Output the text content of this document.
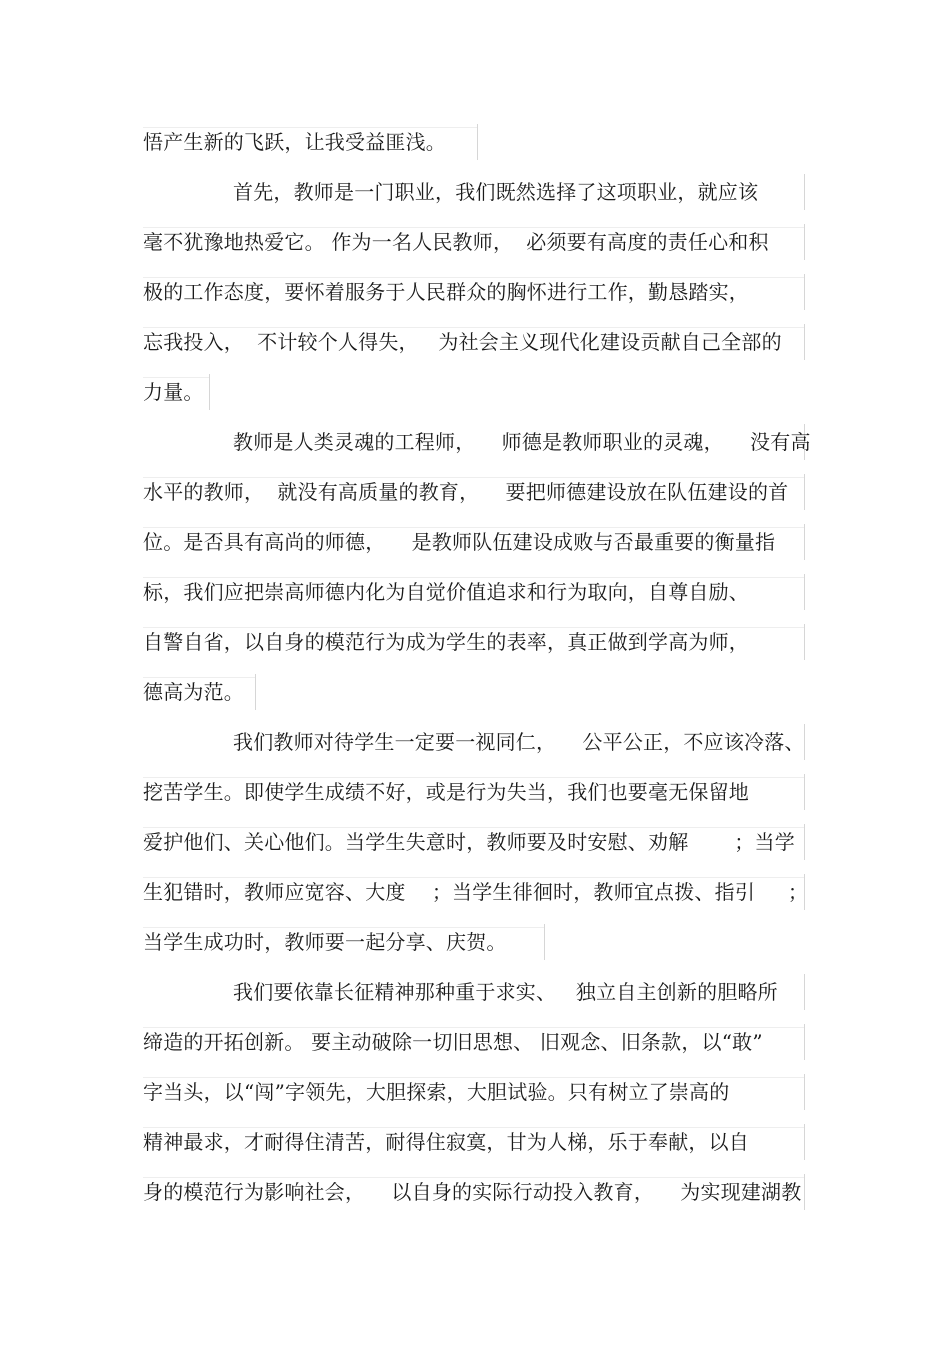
悟产生新的飞跃，让我受益匪浅。
首先，教师是一门职业，我们既然选择了这项职业，就应该
毫不犹豫地热爱它。 作为一名人民教师，  必须要有高度的责任心和积
极的工作态度，要怀着服务于人民群众的胸怀进行工作，勤恳踏实，
忘我投入，  不计较个人得失，   为社会主义现代化建设贡献自己全部的
力量。
教师是人类灵魂的工程师，    师德是教师职业的灵魂，    没有高
水平的教师，  就没有高质量的教育，    要把师德建设放在队伍建设的首
位。是否具有高尚的师德，    是教师队伍建设成败与否最重要的衡量指
标，我们应把崇高师德内化为自觉价值追求和行为取向，自尊自励、
自警自省，以自身的模范行为成为学生的表率，真正做到学高为师，
德高为范。
我们教师对待学生一定要一视同仁，    公平公正，不应该冷落、
挖苦学生。即使学生成绩不好，或是行为失当，我们也要毫无保留地
爱护他们、关心他们。当学生失意时，教师要及时安慰、劝解       ；当学
生犯错时，教师应宽容、大度    ；当学生徘徊时，教师宜点拨、指引     ；
当学生成功时，教师要一起分享、庆贺。
我们要依靠长征精神那种重于求实、   独立自主创新的胆略所
缔造的开拓创新。 要主动破除一切旧思想、 旧观念、旧条款，以“敢”
字当头，以“闯”字领先，大胆探索，大胆试验。只有树立了崇高的
精神最求，才耐得住清苦，耐得住寂寞，甘为人梯，乐于奉献，以自
身的模范行为影响社会，    以自身的实际行动投入教育，    为实现建湖教
